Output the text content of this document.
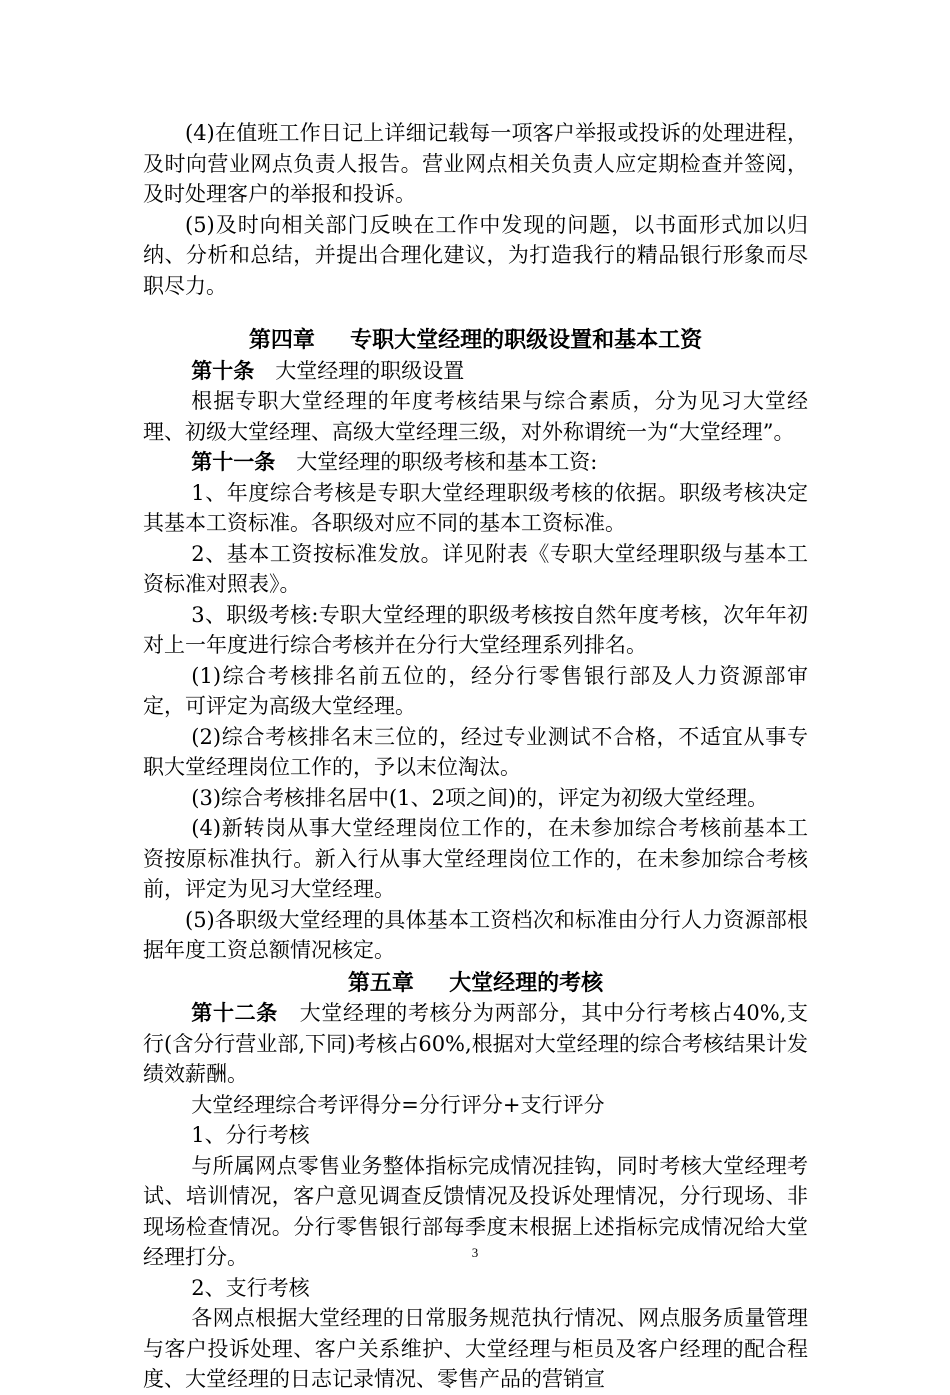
(4)在值班工作日记上详细记载每一项客户举报或投诉的处理进程，及时向营业网点负责人报告。营业网点相关负责人应定期检查并签阅，及时处理客户的举报和投诉。

(5)及时向相关部门反映在工作中发现的问题，以书面形式加以归纳、分析和总结，并提出合理化建议，为打造我行的精品银行形象而尽职尽力。

第四章 专职大堂经理的职级设置和基本工资

第十条 大堂经理的职级设置

根据专职大堂经理的年度考核结果与综合素质，分为见习大堂经理、初级大堂经理、高级大堂经理三级，对外称谓统一为“大堂经理”。

第十一条 大堂经理的职级考核和基本工资:

1、年度综合考核是专职大堂经理职级考核的依据。职级考核决定其基本工资标准。各职级对应不同的基本工资标准。

2、基本工资按标准发放。详见附表《专职大堂经理职级与基本工资标准对照表》。

3、职级考核:专职大堂经理的职级考核按自然年度考核，次年年初对上一年度进行综合考核并在分行大堂经理系列排名。

(1)综合考核排名前五位的，经分行零售银行部及人力资源部审定，可评定为高级大堂经理。

(2)综合考核排名末三位的，经过专业测试不合格，不适宜从事专职大堂经理岗位工作的，予以末位淘汰。

(3)综合考核排名居中(1、2项之间)的，评定为初级大堂经理。

(4)新转岗从事大堂经理岗位工作的，在未参加综合考核前基本工资按原标准执行。新入行从事大堂经理岗位工作的，在未参加综合考核前，评定为见习大堂经理。

(5)各职级大堂经理的具体基本工资档次和标准由分行人力资源部根据年度工资总额情况核定。

第五章 大堂经理的考核

第十二条 大堂经理的考核分为两部分，其中分行考核占40%,支行(含分行营业部,下同)考核占60%,根据对大堂经理的综合考核结果计发绩效薪酬。

大堂经理综合考评得分=分行评分+支行评分

1、分行考核

与所属网点零售业务整体指标完成情况挂钩，同时考核大堂经理考试、培训情况，客户意见调查反馈情况及投诉处理情况，分行现场、非现场检查情况。分行零售银行部每季度末根据上述指标完成情况给大堂经理打分。

2、支行考核

各网点根据大堂经理的日常服务规范执行情况、网点服务质量管理与客户投诉处理、客户关系维护、大堂经理与柜员及客户经理的配合程度、大堂经理的日志记录情况、零售产品的营销宣

3
